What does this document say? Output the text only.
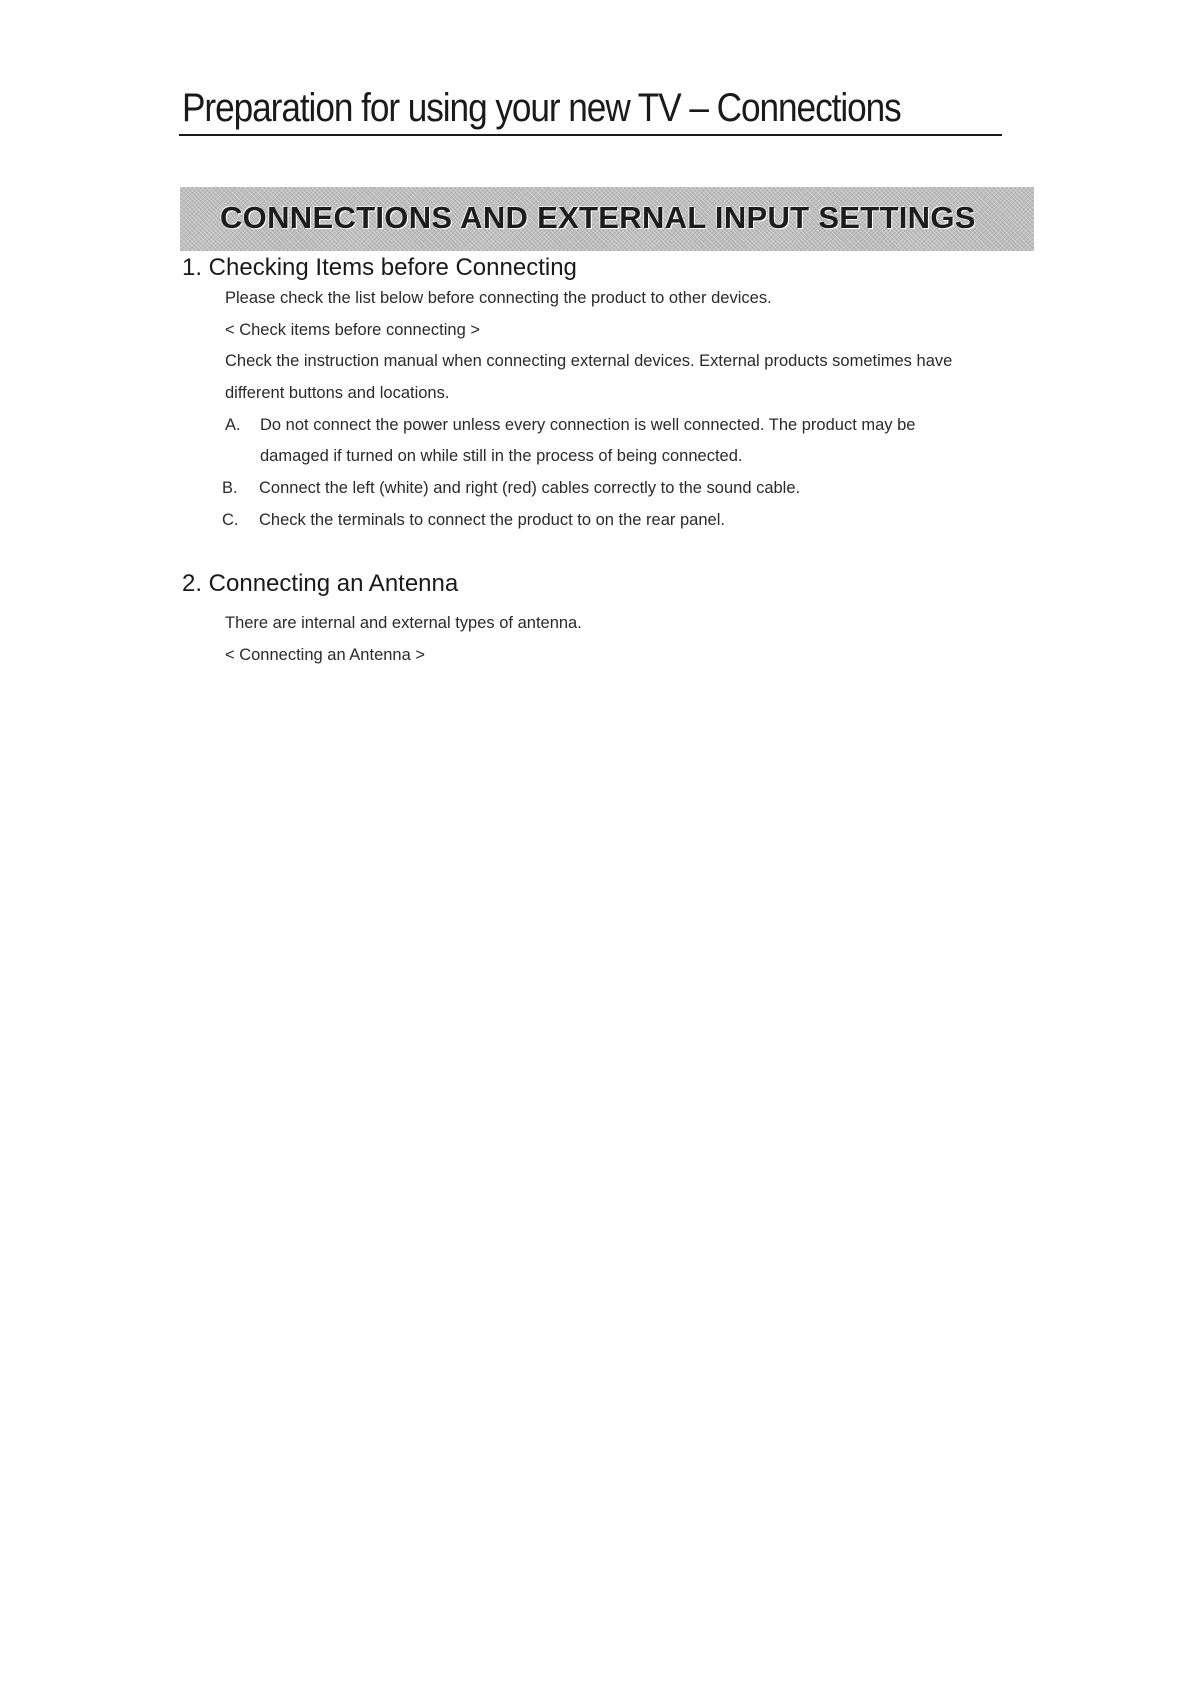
Preparation for using your new TV – Connections
CONNECTIONS AND EXTERNAL INPUT SETTINGS
1. Checking Items before Connecting
Please check the list below before connecting the product to other devices.
< Check items before connecting >
Check the instruction manual when connecting external devices. External products sometimes have
different buttons and locations.
A. Do not connect the power unless every connection is well connected. The product may be
damaged if turned on while still in the process of being connected.
B. Connect the left (white) and right (red) cables correctly to the sound cable.
C. Check the terminals to connect the product to on the rear panel.
2. Connecting an Antenna
There are internal and external types of antenna.
< Connecting an Antenna >
